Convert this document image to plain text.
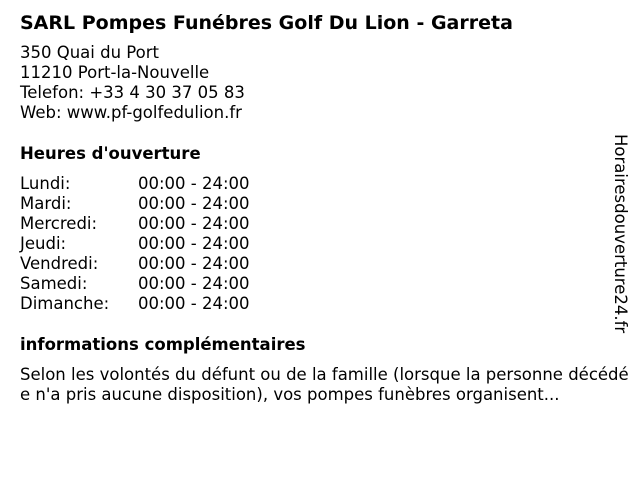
SARL Pompes Funébres Golf Du Lion - Garreta
350 Quai du Port
11210 Port-la-Nouvelle
Telefon: +33 4 30 37 05 83
Web: www.pf-golfedulion.fr
Heures d'ouverture
Lundi:	00:00 - 24:00
Mardi:	00:00 - 24:00
Mercredi:	00:00 - 24:00
Jeudi:	00:00 - 24:00
Vendredi:	00:00 - 24:00
Samedi:	00:00 - 24:00
Dimanche:	00:00 - 24:00
informations complémentaires
Selon les volontés du défunt ou de la famille (lorsque la personne décédée n'a pris aucune disposition), vos pompes funèbres organisent...
Horairesdouverture24.fr
